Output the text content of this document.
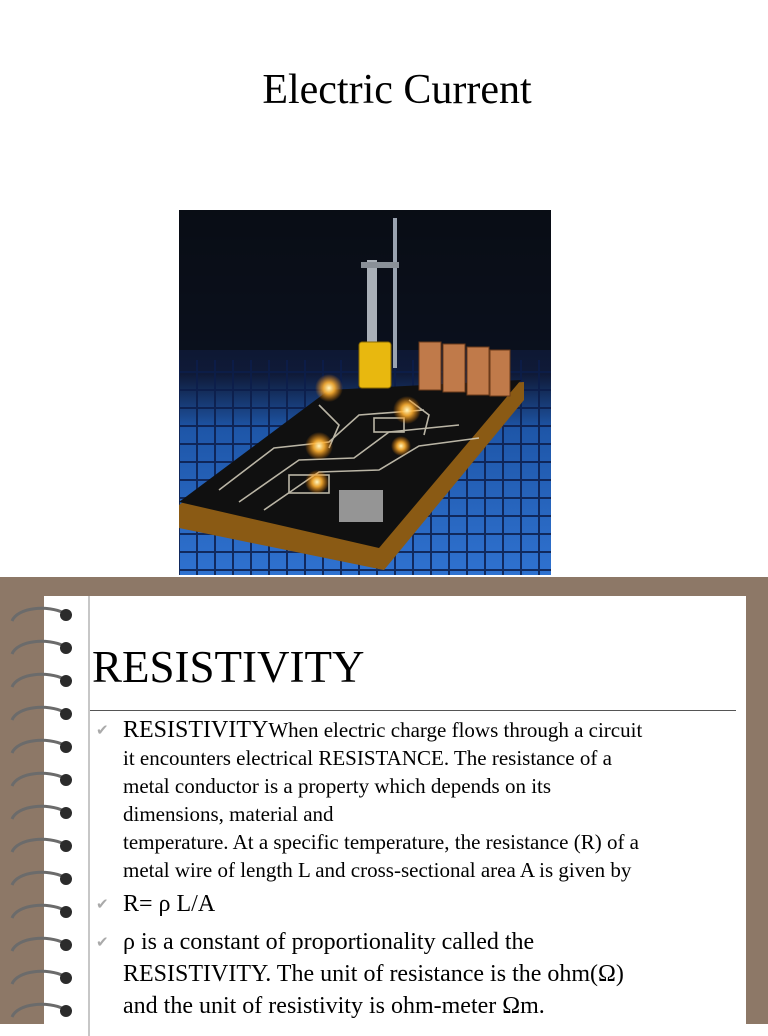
Electric Current
RESISTIVITY
✔ RESISTIVITYWhen electric charge flows through a circuit
it encounters electrical RESISTANCE. The resistance of a
metal conductor is a property which depends on its
dimensions, material and
temperature. At a specific temperature, the resistance (R) of a
metal wire of length L and cross-sectional area A is given by
✔ R= ρ L/A
✔ ρ is a constant of proportionality called the
RESISTIVITY. The unit of resistance is the ohm(Ω)
and the unit of resistivity is ohm-meter Ωm.
